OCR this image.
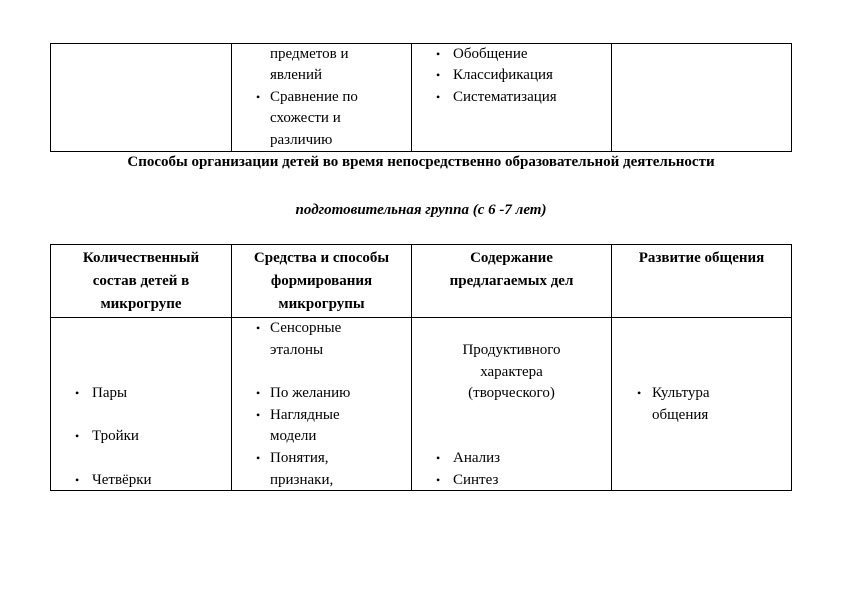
предметов и
явлений
• Сравнение по
схожести и
различию
• Обобщение
• Классификация
• Систематизация
Способы организации детей во время непосредственно образовательной деятельности
подготовительная группа (с 6 -7 лет)
Количественный
состав детей в
микрогрупе
Средства и способы
формирования
микрогрупы
Содержание
предлагаемых дел
Развитие общения
• Пары
• Тройки
• Четвёрки
• Сенсорные
эталоны
• По желанию
• Наглядные
модели
• Понятия,
признаки,
Продуктивного
характера
(творческого)
• Анализ
• Синтез
• Культура
общения
